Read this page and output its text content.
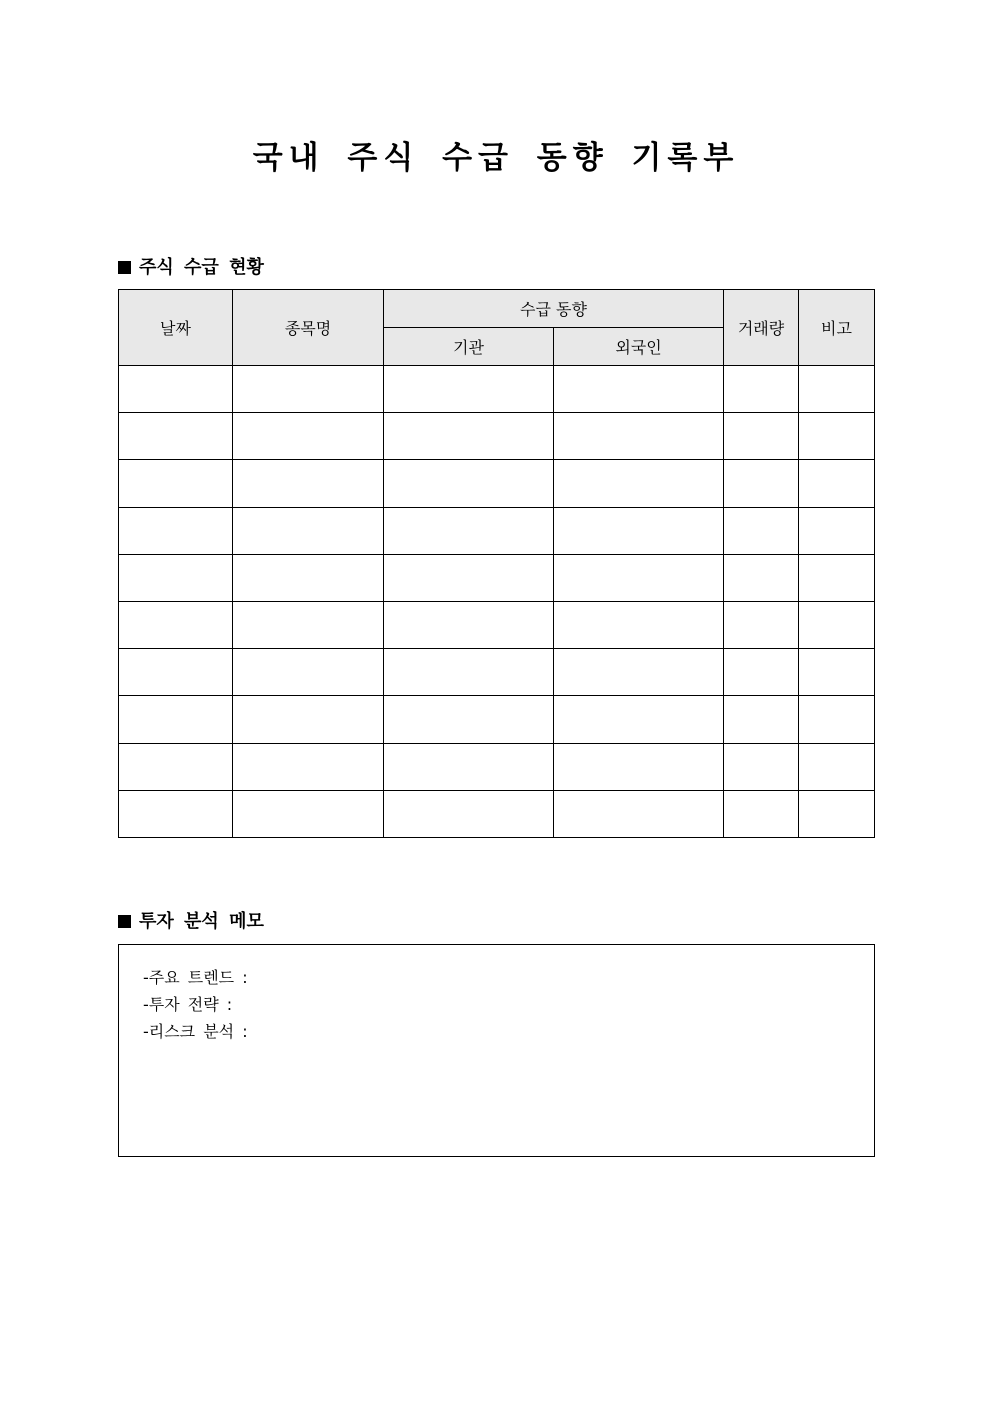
국내 주식 수급 동향 기록부
주식 수급 현황
날짜	종목명	수급 동향		거래량	비고
		기관	외국인		

투자 분석 메모
-주요 트렌드 :
-투자 전략 :
-리스크 분석 :
